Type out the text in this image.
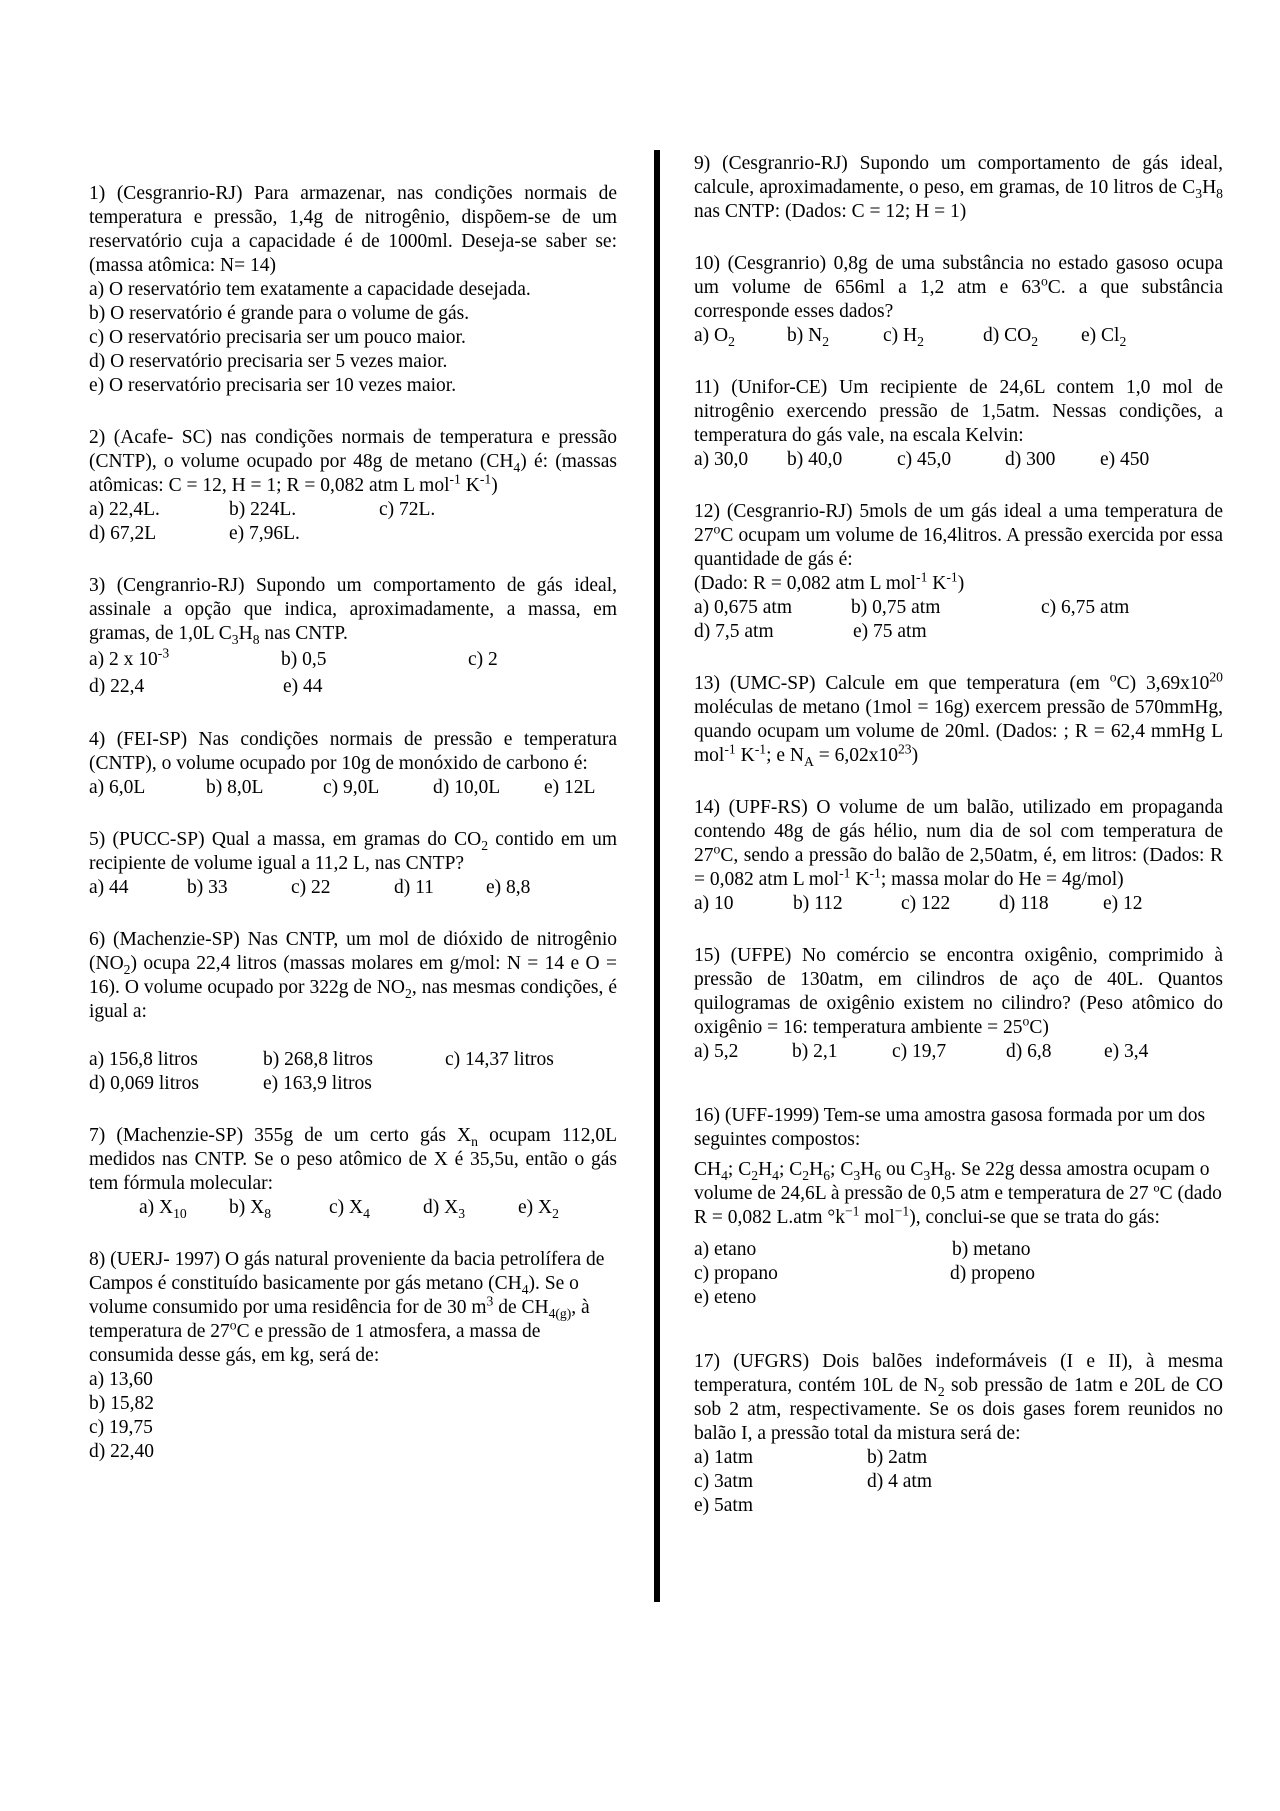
1) (Cesgranrio-RJ) Para armazenar, nas condições normais de temperatura e pressão, 1,4g de nitrogênio, dispõem-se de um reservatório cuja a capacidade é de 1000ml. Deseja-se saber se: (massa atômica: N= 14)
a) O reservatório tem exatamente a capacidade desejada.
b) O reservatório é grande para o volume de gás.
c) O reservatório precisaria ser um pouco maior.
d) O reservatório precisaria ser 5 vezes maior.
e) O reservatório precisaria ser 10 vezes maior.
2) (Acafe- SC) nas condições normais de temperatura e pressão (CNTP), o volume ocupado por 48g de metano $(CH_4)$ é: (massas atômicas: C = 12, H = 1; R = 0,082 atm L mol$^{-1}$ $K^{-1}$)
a) 22,4L.	b) 224L.	c) 72L.
d) 67,2L	e) 7,96L.
3) (Cengranrio-RJ) Supondo um comportamento de gás ideal, assinale a opção que indica, aproximadamente, a massa, em gramas, de 1,0L $C_3H_8$ nas CNTP.
a) 2 x $10^{-3}$	b) 0,5	c) 2
d) 22,4	e) 44
4) (FEI-SP) Nas condições normais de pressão e temperatura (CNTP), o volume ocupado por 10g de monóxido de carbono é:
a) 6,0L	b) 8,0L	c) 9,0L	d) 10,0L	e) 12L
5) (PUCC-SP) Qual a massa, em gramas do $CO_2$ contido em um recipiente de volume igual a 11,2 L, nas CNTP?
a) 44	b) 33	c) 22	d) 11	e) 8,8
6) (Machenzie-SP) Nas CNTP, um mol de dióxido de nitrogênio $(NO_2)$ ocupa 22,4 litros (massas molares em g/mol: N = 14 e O = 16). O volume ocupado por 322g de $NO_2$, nas mesmas condições, é igual a:
a) 156,8 litros	b) 268,8 litros	c) 14,37 litros
d) 0,069 litros	e) 163,9 litros
7) (Machenzie-SP) 355g de um certo gás $X_n$ ocupam 112,0L medidos nas CNTP. Se o peso atômico de X é 35,5u, então o gás tem fórmula molecular:
a) $X_{10}$	b) $X_8$	c) $X_4$	d) $X_3$	e) $X_2$
8) (UERJ- 1997) O gás natural proveniente da bacia petrolífera de Campos é constituído basicamente por gás metano $(CH_4)$. Se o volume consumido por uma residência for de 30 $m^3$ de $CH_{4(g)}$, à temperatura de 27$^o$C e pressão de 1 atmosfera, a massa de consumida desse gás, em kg, será de:
a) 13,60
b) 15,82
c) 19,75
d) 22,40
9) (Cesgranrio-RJ) Supondo um comportamento de gás ideal, calcule, aproximadamente, o peso, em gramas, de 10 litros de $C_3H_8$ nas CNTP: (Dados: C = 12; H = 1)
10) (Cesgranrio) 0,8g de uma substância no estado gasoso ocupa um volume de 656ml a 1,2 atm e 63$^o$C. a que substância corresponde esses dados?
a) $O_2$	b) $N_2$	c) $H_2$	d) $CO_2$	e) $Cl_2$
11) (Unifor-CE) Um recipiente de 24,6L contem 1,0 mol de nitrogênio exercendo pressão de 1,5atm. Nessas condições, a temperatura do gás vale, na escala Kelvin:
a) 30,0	b) 40,0	c) 45,0	d) 300	e) 450
12) (Cesgranrio-RJ) 5mols de um gás ideal a uma temperatura de 27$^o$C ocupam um volume de 16,4litros. A pressão exercida por essa quantidade de gás é:
(Dado: R = 0,082 atm L mol$^{-1}$ $K^{-1}$)
a) 0,675 atm	b) 0,75 atm	c) 6,75 atm
d) 7,5 atm	e) 75 atm
13) (UMC-SP) Calcule em que temperatura (em $^o$C) $3,69x10^{20}$ moléculas de metano (1mol = 16g) exercem pressão de 570mmHg, quando ocupam um volume de 20ml. (Dados: ; R = 62,4 mmHg L mol$^{-1}$ $K^{-1}$; e $N_A = 6,02x10^{23}$)
14) (UPF-RS) O volume de um balão, utilizado em propaganda contendo 48g de gás hélio, num dia de sol com temperatura de 27$^o$C, sendo a pressão do balão de 2,50atm, é, em litros: (Dados: R = 0,082 atm L mol$^{-1}$ $K^{-1}$; massa molar do He = 4g/mol)
a) 10	b) 112	c) 122	d) 118	e) 12
15) (UFPE) No comércio se encontra oxigênio, comprimido à pressão de 130atm, em cilindros de aço de 40L. Quantos quilogramas de oxigênio existem no cilindro? (Peso atômico do oxigênio = 16: temperatura ambiente = $25^oC$)
a) 5,2	b) 2,1	c) 19,7	d) 6,8	e) 3,4
16) (UFF-1999) Tem-se uma amostra gasosa formada por um dos seguintes compostos:
$CH_4$; $C_2H_4$; $C_2H_6$; $C_3H_6$ ou $C_3H_8$. Se 22g dessa amostra ocupam o volume de 24,6L à pressão de 0,5 atm e temperatura de 27 ºC (dado R = 0,082 L.atm $^\circ k^{-1}$ mol$^{-1}$), conclui-se que se trata do gás:
a) etano	b) metano
c) propano	d) propeno
e) eteno
17) (UFGRS) Dois balões indeformáveis (I e II), à mesma temperatura, contém 10L de $N_2$ sob pressão de 1atm e 20L de CO sob 2 atm, respectivamente. Se os dois gases forem reunidos no balão I, a pressão total da mistura será de:
a) 1atm	b) 2atm
c) 3atm	d) 4 atm
e) 5atm
